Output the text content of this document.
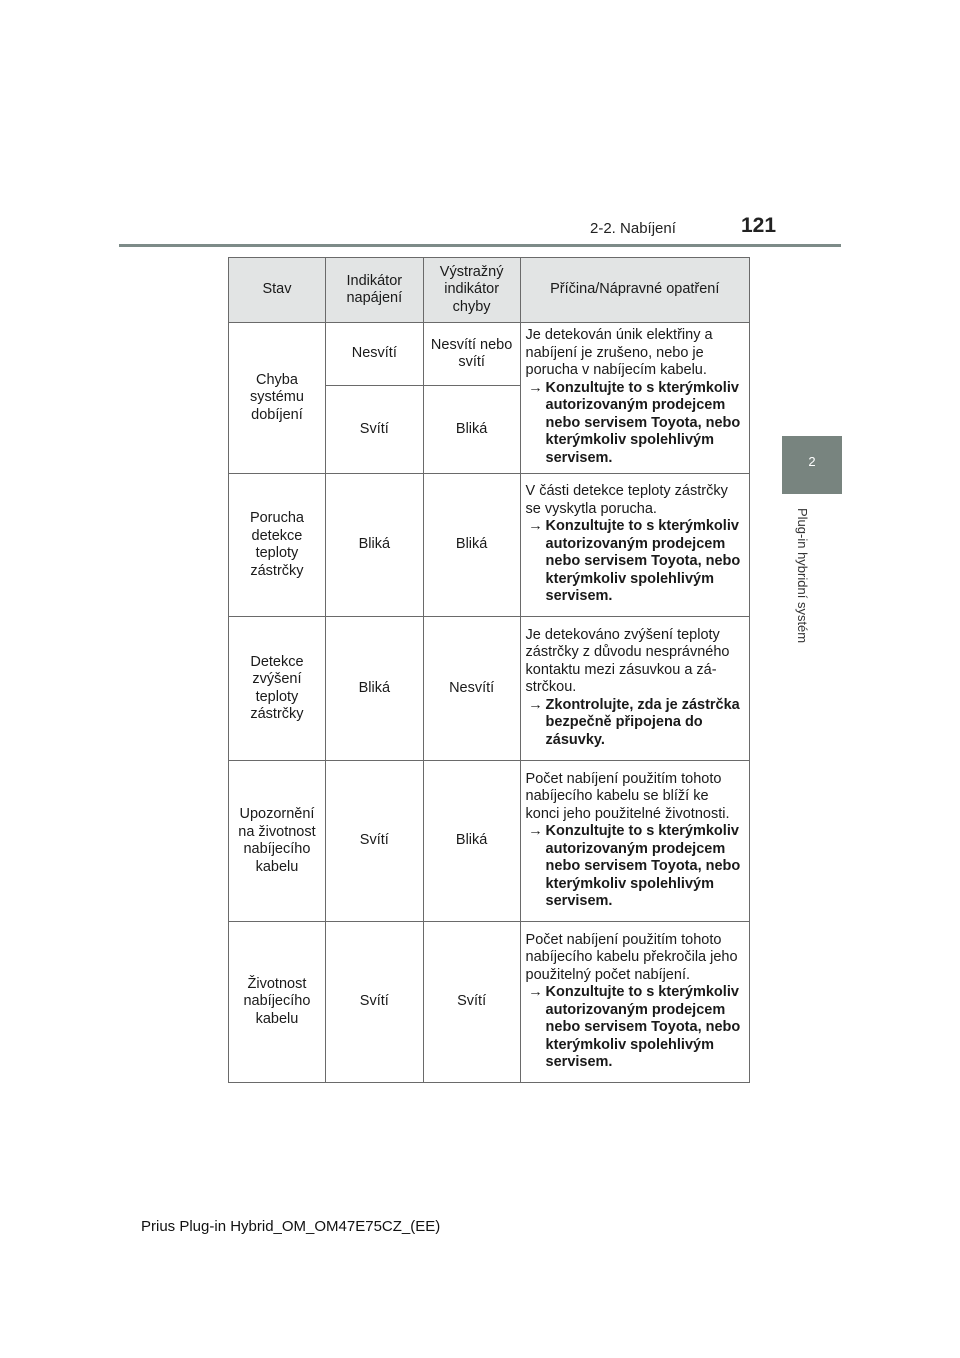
2-2. Nabíjení	121
2
Plug-in hybridní systém
Stav	Indikátor napájení	Výstražný indikátor chyby	Příčina/Nápravné opatření
Chyba systému dobíjení	Nesvítí	Nesvítí nebo svítí	Je detekován únik elektřiny a nabíjení je zrušeno, nebo je porucha v nabíjecím kabelu.
→ Konzultujte to s kterýmkoliv autorizovaným prodejcem nebo servisem Toyota, nebo kterýmkoliv spolehlivým servisem.

	Svítí	Bliká	
Porucha detekce teploty zástrčky	Bliká	Bliká	V části detekce teploty zástrčky se vyskytla porucha.
→ Konzultujte to s kterýmkoliv autorizovaným prodejcem nebo servisem Toyota, nebo kterýmkoliv spolehlivým servisem.

Detekce zvýšení teploty zástrčky	Bliká	Nesvítí	Je detekováno zvýšení teploty zástrčky z důvodu nesprávného kontaktu mezi zásuvkou a zástrčkou.
→ Zkontrolujte, zda je zástrčka bezpečně připojena do zásuvky.

Upozornění na životnost nabíjecího kabelu	Svítí	Bliká	Počet nabíjení použitím tohoto nabíjecího kabelu se blíží ke konci jeho použitelné životnosti.
→ Konzultujte to s kterýmkoliv autorizovaným prodejcem nebo servisem Toyota, nebo kterýmkoliv spolehlivým servisem.

Životnost nabíjecího kabelu	Svítí	Svítí	Počet nabíjení použitím tohoto nabíjecího kabelu překročila jeho použitelný počet nabíjení.
→ Konzultujte to s kterýmkoliv autorizovaným prodejcem nebo servisem Toyota, nebo kterýmkoliv spolehlivým servisem.
Prius Plug-in Hybrid_OM_OM47E75CZ_(EE)
